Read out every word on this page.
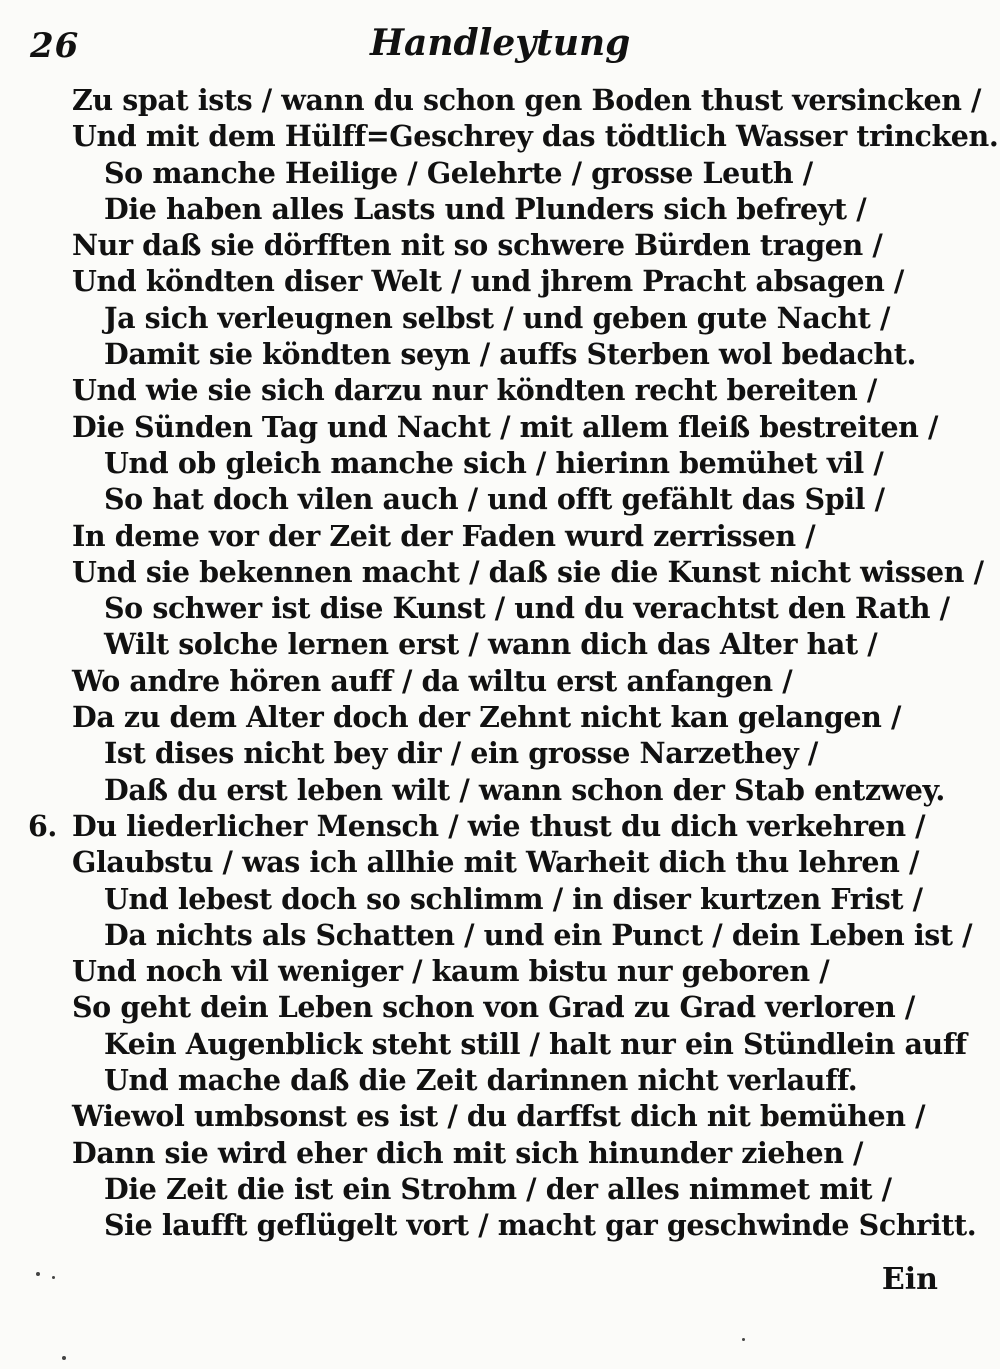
26	Handleytung
Zu spat ists / wann du schon gen Boden thust versincken /
Und mit dem Hülff=Geschrey das tödtlich Wasser trincken.
So manche Heilige / Gelehrte / grosse Leuth /
Die haben alles Lasts und Plunders sich befreyt /
Nur daß sie dörfften nit so schwere Bürden tragen /
Und köndten diser Welt / und jhrem Pracht absagen /
Ja sich verleugnen selbst / und geben gute Nacht /
Damit sie köndten seyn / auffs Sterben wol bedacht.
Und wie sie sich darzu nur köndten recht bereiten /
Die Sünden Tag und Nacht / mit allem fleiß bestreiten /
Und ob gleich manche sich / hierinn bemühet vil /
So hat doch vilen auch / und offt gefählt das Spil /
In deme vor der Zeit der Faden wurd zerrissen /
Und sie bekennen macht / daß sie die Kunst nicht wissen /
So schwer ist dise Kunst / und du verachtst den Rath /
Wilt solche lernen erst / wann dich das Alter hat /
Wo andre hören auff / da wiltu erst anfangen /
Da zu dem Alter doch der Zehnt nicht kan gelangen /
Ist dises nicht bey dir / ein grosse Narzethey /
Daß du erst leben wilt / wann schon der Stab entzwey.
6. Du liederlicher Mensch / wie thust du dich verkehren /
Glaubstu / was ich allhie mit Warheit dich thu lehren /
Und lebest doch so schlimm / in diser kurtzen Frist /
Da nichts als Schatten / und ein Punct / dein Leben ist /
Und noch vil weniger / kaum bistu nur geboren /
So geht dein Leben schon von Grad zu Grad verloren /
Kein Augenblick steht still / halt nur ein Stündlein auff
Und mache daß die Zeit darinnen nicht verlauff.
Wiewol umbsonst es ist / du darffst dich nit bemühen /
Dann sie wird eher dich mit sich hinunder ziehen /
Die Zeit die ist ein Strohm / der alles nimmet mit /
Sie laufft geflügelt vort / macht gar geschwinde Schritt.
Ein
